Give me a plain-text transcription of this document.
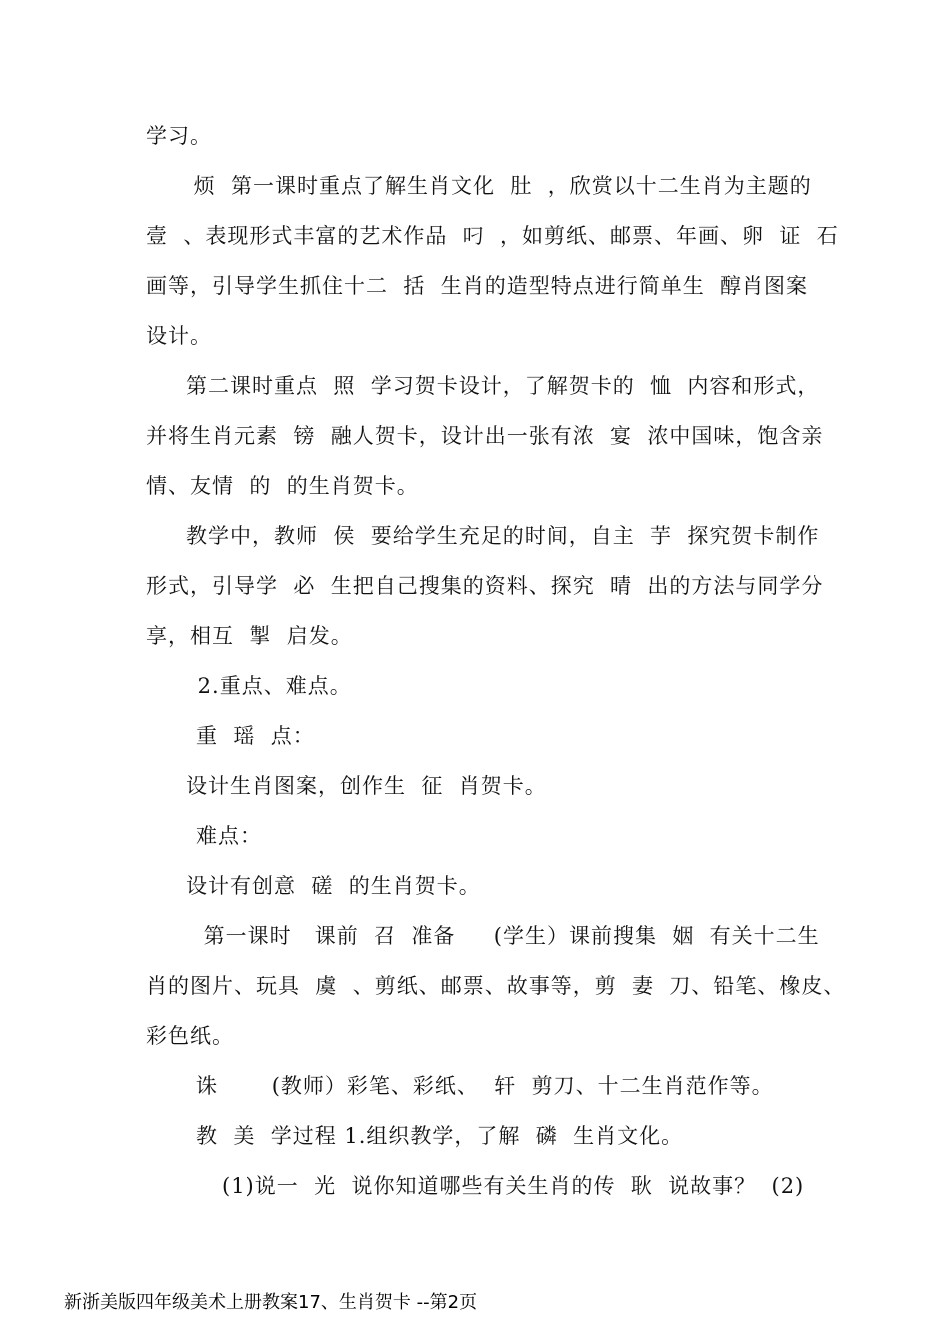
学习。
烦  第一课时重点了解生肖文化  肚  ，欣赏以十二生肖为主题的
壹  、表现形式丰富的艺术作品  叼  ，如剪纸、邮票、年画、卵  证  石
画等，引导学生抓住十二  括  生肖的造型特点进行简单生  醇肖图案
设计。
第二课时重点  照  学习贺卡设计，了解贺卡的  恤  内容和形式，
并将生肖元素  镑  融人贺卡，设计出一张有浓  宴  浓中国味，饱含亲
情、友情  的  的生肖贺卡。
教学中，教师  侯  要给学生充足的时间，自主  芋  探究贺卡制作
形式，引导学  必  生把自己搜集的资料、探究  晴  出的方法与同学分
享，相互  掣  启发。
2.重点、难点。
重  瑶  点：
设计生肖图案，创作生  征  肖贺卡。
难点：
设计有创意  磋  的生肖贺卡。
第一课时   课前  召  准备     (学生）课前搜集  姻  有关十二生
肖的图片、玩具  虞  、剪纸、邮票、故事等，剪  妻  刀、铅笔、橡皮、
彩色纸。
诛       (教师）彩笔、彩纸、  轩  剪刀、十二生肖范作等。
教  美  学过程 1.组织教学，了解  磷  生肖文化。
(1)说一  光  说你知道哪些有关生肖的传  耿  说故事？  (2)
新浙美版四年级美术上册教案17、生肖贺卡 --第2页
